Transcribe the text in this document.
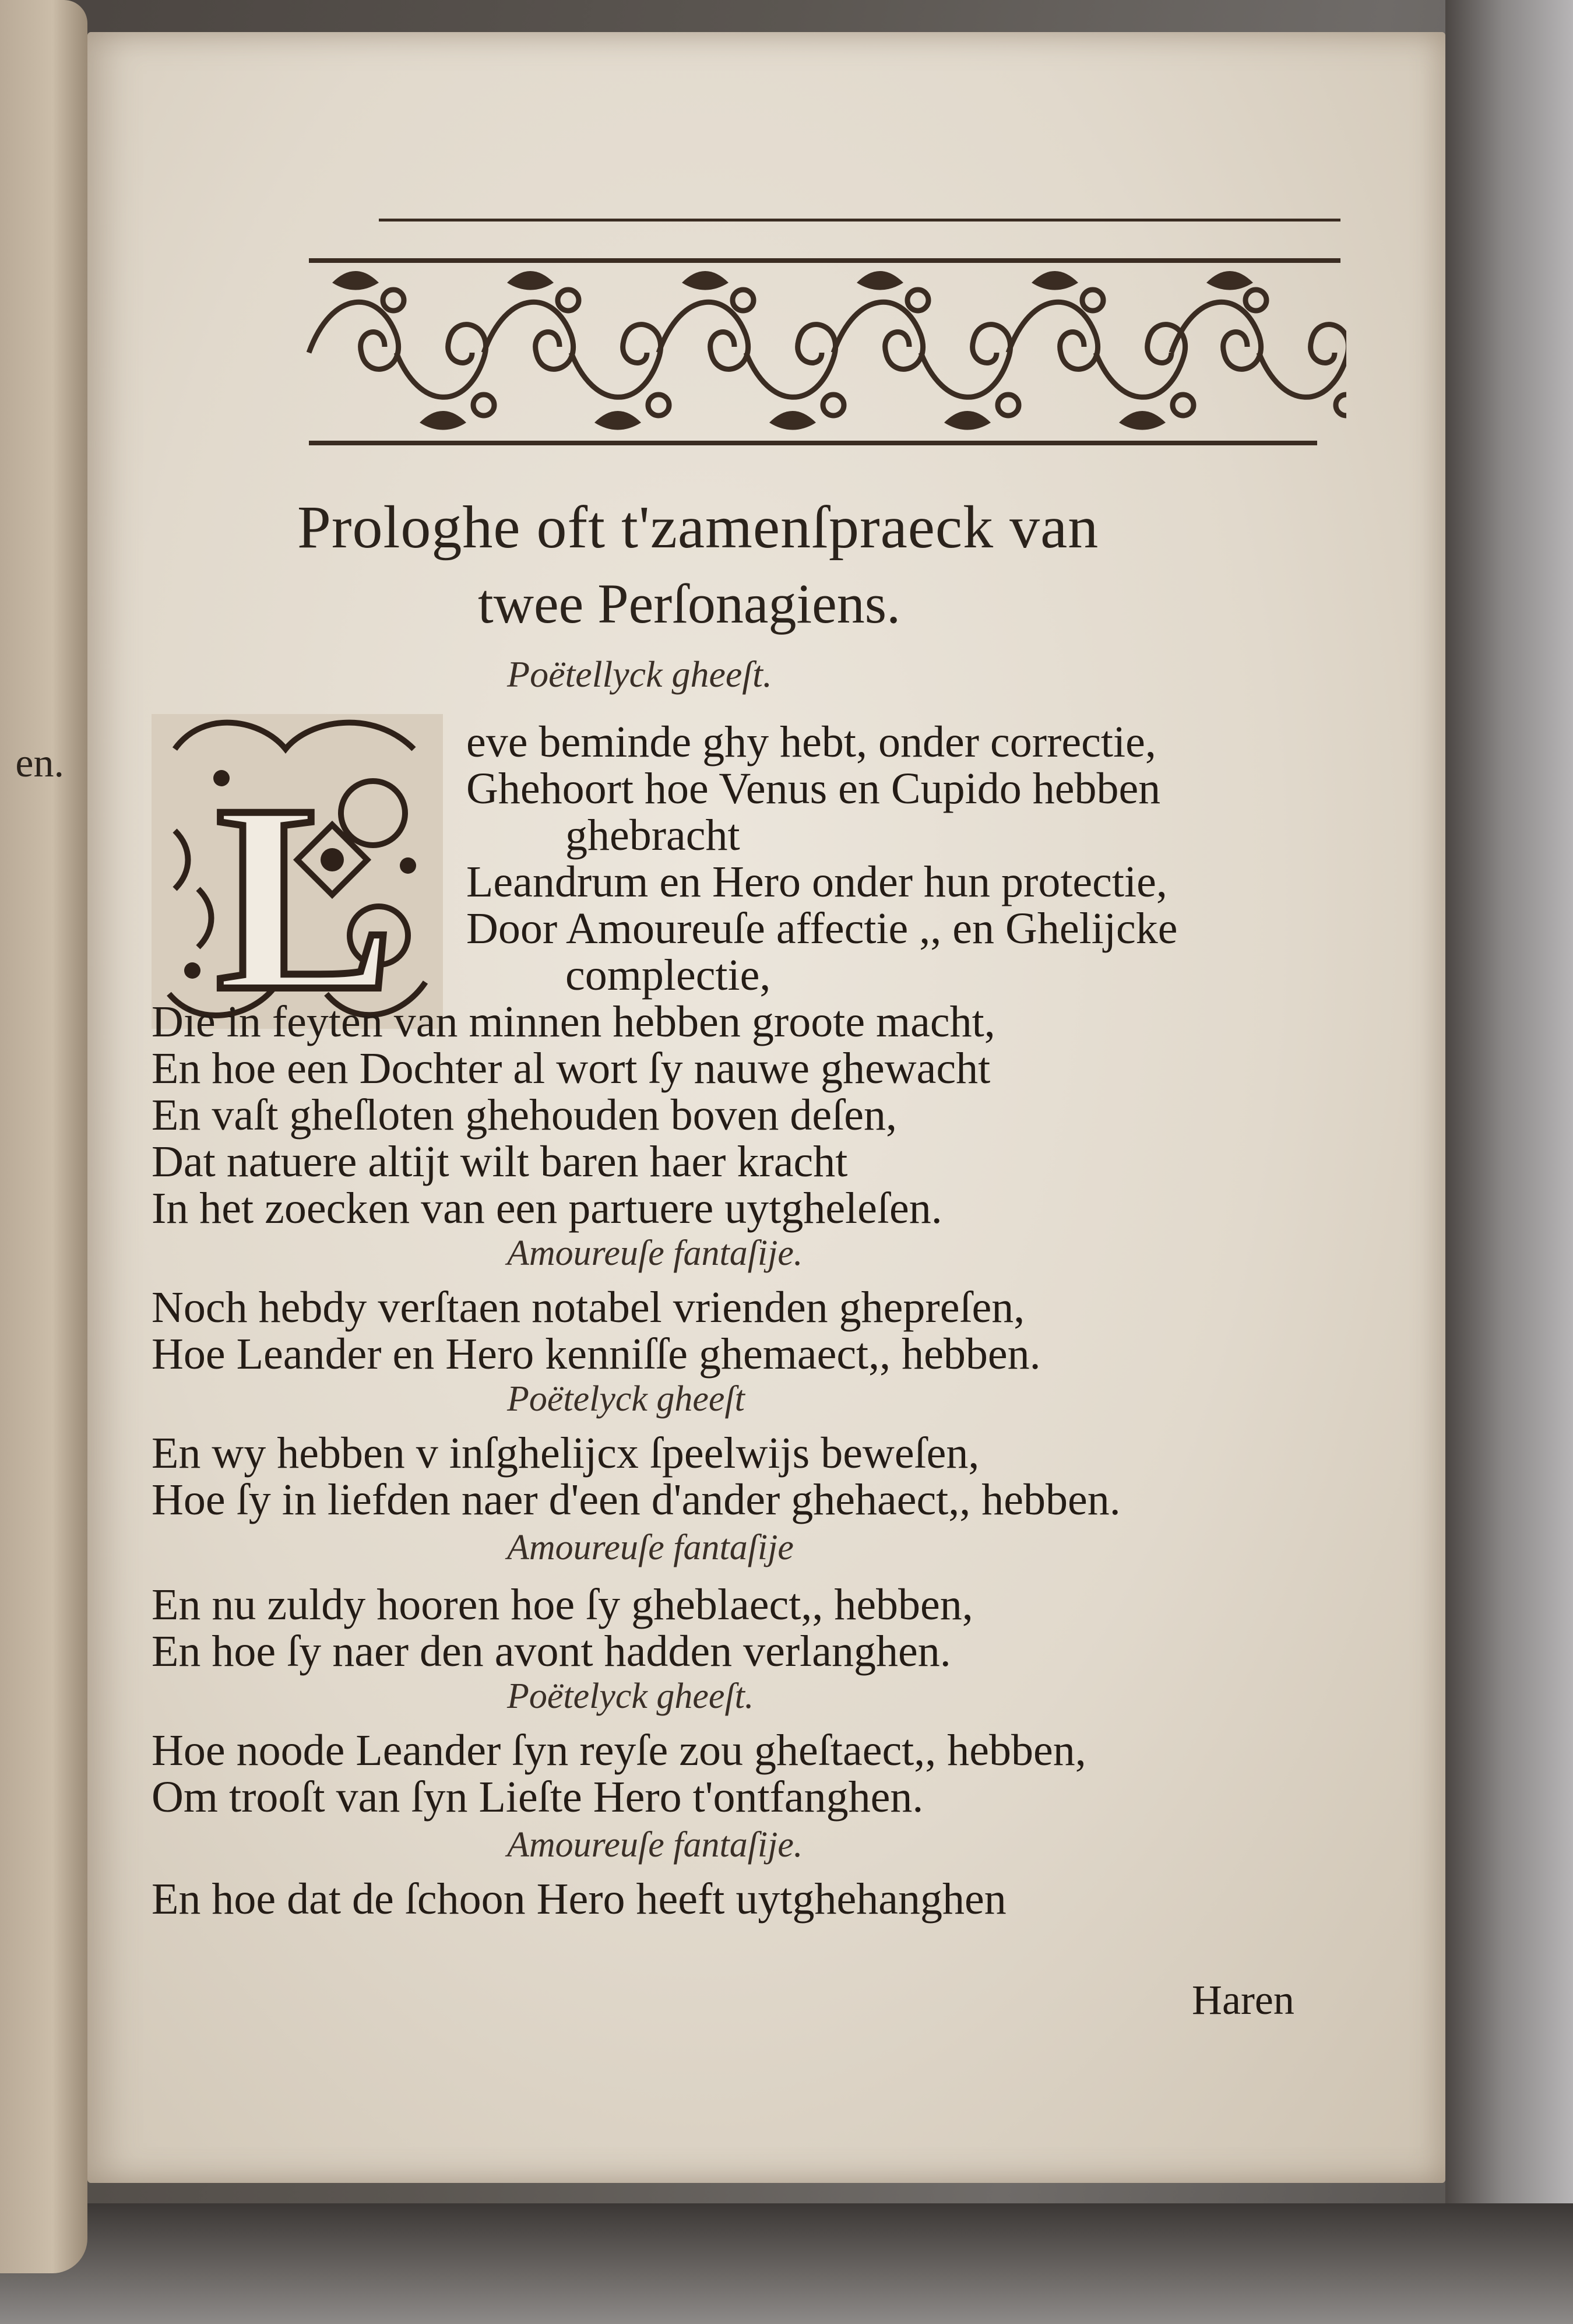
en.
Prologhe oft t'zamenſpraeck van
twee Perſonagiens.
L
Poëtellyck ghееſt.
eve beminde ghy hebt, onder correctie,
Ghehoort hoe Venus en Cupido hebben
ghebracht
Leandrum en Hero onder hun protectie,
Door Amoureuſe affectie ,, en Ghelijcke
complectie,
Die in feyten van minnen hebben groote macht,
En hoe een Dochter al wort ſy nauwe ghewacht
En vaſt gheſloten ghehouden boven deſen,
Dat natuere altijt wilt baren haer kracht
In het zoecken van een partuere uytgheleſen.
Amoureuſe fantaſije.
Noch hebdy verſtaen notabel vrienden ghepreſen,
Hoe Leander en Hero kenniſſe ghemaect,, hebben.
Poëtelyck gheeſt
En wy hebben v inſghelijcx ſpeelwijs beweſen,
Hoe ſy in liefden naer d'een d'ander ghehaect,, hebben.
Amoureuſe fantaſije
En nu zuldy hooren hoe ſy gheblaect,, hebben,
En hoe ſy naer den avont hadden verlanghen.
Poëtelyck gheeſt.
Hoe noode Leander ſyn reyſe zou gheſtaect,, hebben,
Om trooſt van ſyn Lieſte Hero t'ontfanghen.
Amoureuſe fantaſije.
En hoe dat de ſchoon Hero heeft uytghehanghen
Haren
